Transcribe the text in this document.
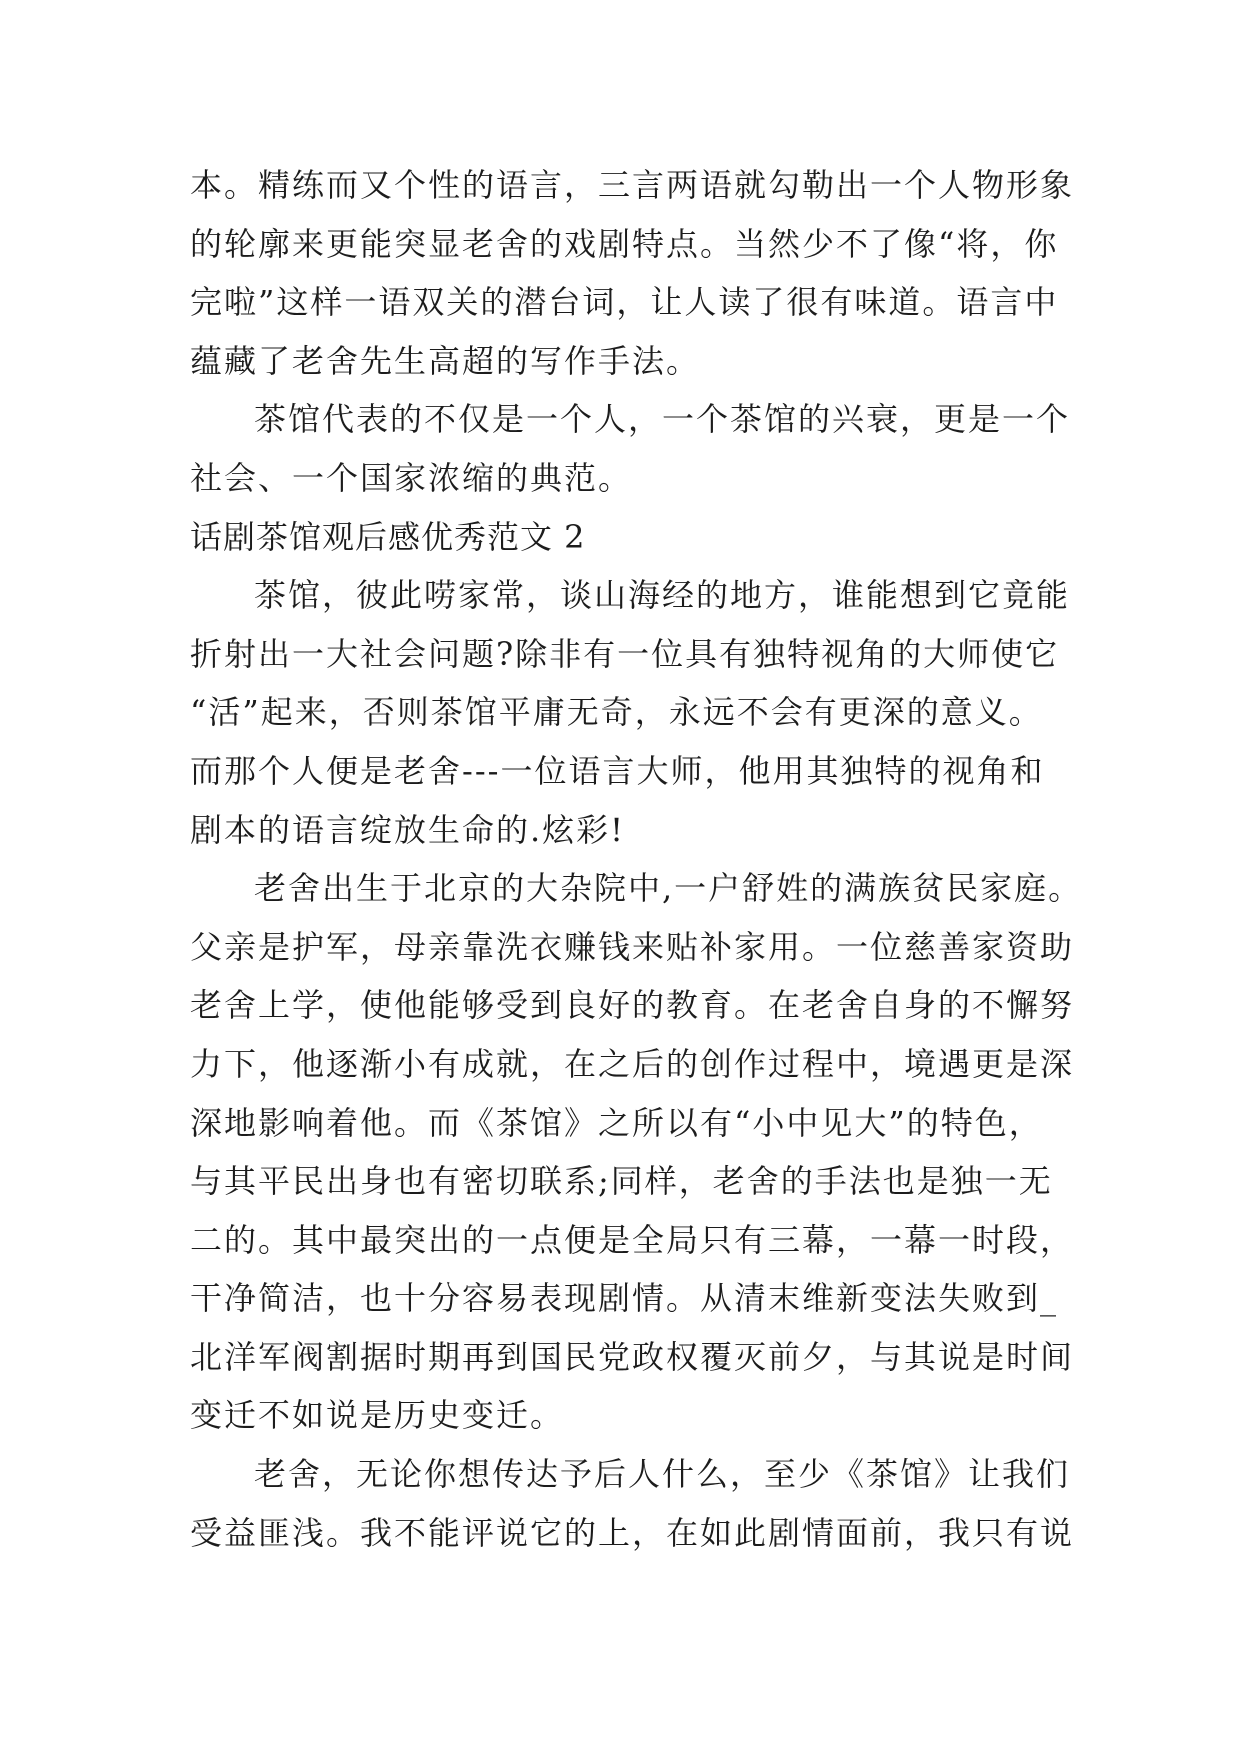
本。精练而又个性的语言，三言两语就勾勒出一个人物形象
的轮廓来更能突显老舍的戏剧特点。当然少不了像“将，你
完啦”这样一语双关的潜台词，让人读了很有味道。语言中
蕴藏了老舍先生高超的写作手法。
茶馆代表的不仅是一个人，一个茶馆的兴衰，更是一个
社会、一个国家浓缩的典范。
话剧茶馆观后感优秀范文 2
茶馆，彼此唠家常，谈山海经的地方，谁能想到它竟能
折射出一大社会问题?除非有一位具有独特视角的大师使它
“活”起来，否则茶馆平庸无奇，永远不会有更深的意义。
而那个人便是老舍---一位语言大师，他用其独特的视角和
剧本的语言绽放生命的.炫彩!
老舍出生于北京的大杂院中,一户舒姓的满族贫民家庭。
父亲是护军，母亲靠洗衣赚钱来贴补家用。一位慈善家资助
老舍上学，使他能够受到良好的教育。在老舍自身的不懈努
力下，他逐渐小有成就，在之后的创作过程中，境遇更是深
深地影响着他。而《茶馆》之所以有“小中见大”的特色，
与其平民出身也有密切联系;同样，老舍的手法也是独一无
二的。其中最突出的一点便是全局只有三幕，一幕一时段，
干净简洁，也十分容易表现剧情。从清末维新变法失败到_
北洋军阀割据时期再到国民党政权覆灭前夕，与其说是时间
变迁不如说是历史变迁。
老舍，无论你想传达予后人什么，至少《茶馆》让我们
受益匪浅。我不能评说它的上，在如此剧情面前，我只有说
